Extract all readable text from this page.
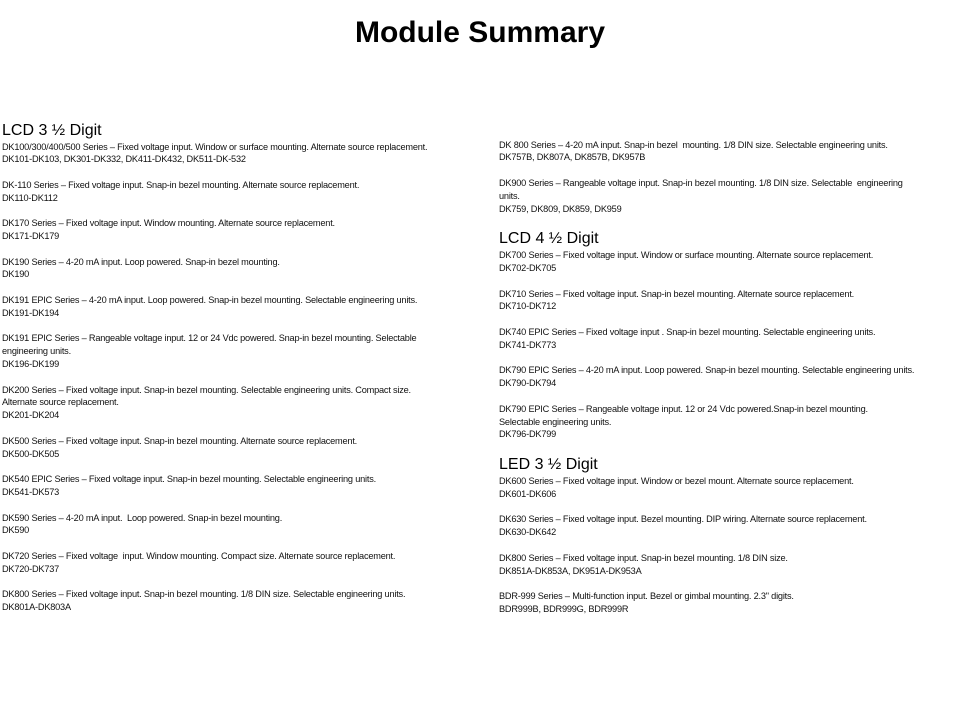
Module Summary
LCD 3 ½ Digit
DK100/300/400/500 Series – Fixed voltage input. Window or surface mounting. Alternate source replacement.
DK101-DK103, DK301-DK332, DK411-DK432, DK511-DK-532
DK-110 Series – Fixed voltage input. Snap-in bezel mounting. Alternate source replacement.
DK110-DK112
DK170 Series – Fixed voltage input. Window mounting. Alternate source replacement.
DK171-DK179
DK190 Series – 4-20 mA input. Loop powered. Snap-in bezel mounting.
DK190
DK191 EPIC Series – 4-20 mA input. Loop powered. Snap-in bezel mounting. Selectable engineering units.
DK191-DK194
DK191 EPIC Series – Rangeable voltage input. 12 or 24 Vdc powered. Snap-in bezel mounting. Selectable
engineering units.
DK196-DK199
DK200 Series – Fixed voltage input. Snap-in bezel mounting. Selectable engineering units. Compact size.
Alternate source replacement.
DK201-DK204
DK500 Series – Fixed voltage input. Snap-in bezel mounting. Alternate source replacement.
DK500-DK505
DK540 EPIC Series – Fixed voltage input. Snap-in bezel mounting. Selectable engineering units.
DK541-DK573
DK590 Series – 4-20 mA input.  Loop powered. Snap-in bezel mounting.
DK590
DK720 Series – Fixed voltage  input. Window mounting. Compact size. Alternate source replacement.
DK720-DK737
DK800 Series – Fixed voltage input. Snap-in bezel mounting. 1/8 DIN size. Selectable engineering units.
DK801A-DK803A
DK 800 Series – 4-20 mA input. Snap-in bezel  mounting. 1/8 DIN size. Selectable engineering units.
DK757B, DK807A, DK857B, DK957B
DK900 Series – Rangeable voltage input. Snap-in bezel mounting. 1/8 DIN size. Selectable  engineering
units.
DK759, DK809, DK859, DK959
LCD 4 ½ Digit
DK700 Series – Fixed voltage input. Window or surface mounting. Alternate source replacement.
DK702-DK705
DK710 Series – Fixed voltage input. Snap-in bezel mounting. Alternate source replacement.
DK710-DK712
DK740 EPIC Series – Fixed voltage input . Snap-in bezel mounting. Selectable engineering units.
DK741-DK773
DK790 EPIC Series – 4-20 mA input. Loop powered. Snap-in bezel mounting. Selectable engineering units.
DK790-DK794
DK790 EPIC Series – Rangeable voltage input. 12 or 24 Vdc powered.Snap-in bezel mounting.
Selectable engineering units.
DK796-DK799
LED 3 ½ Digit
DK600 Series – Fixed voltage input. Window or bezel mount. Alternate source replacement.
DK601-DK606
DK630 Series – Fixed voltage input. Bezel mounting. DIP wiring. Alternate source replacement.
DK630-DK642
DK800 Series – Fixed voltage input. Snap-in bezel mounting. 1/8 DIN size.
DK851A-DK853A, DK951A-DK953A
BDR-999 Series – Multi-function input. Bezel or gimbal mounting. 2.3" digits.
BDR999B, BDR999G, BDR999R
